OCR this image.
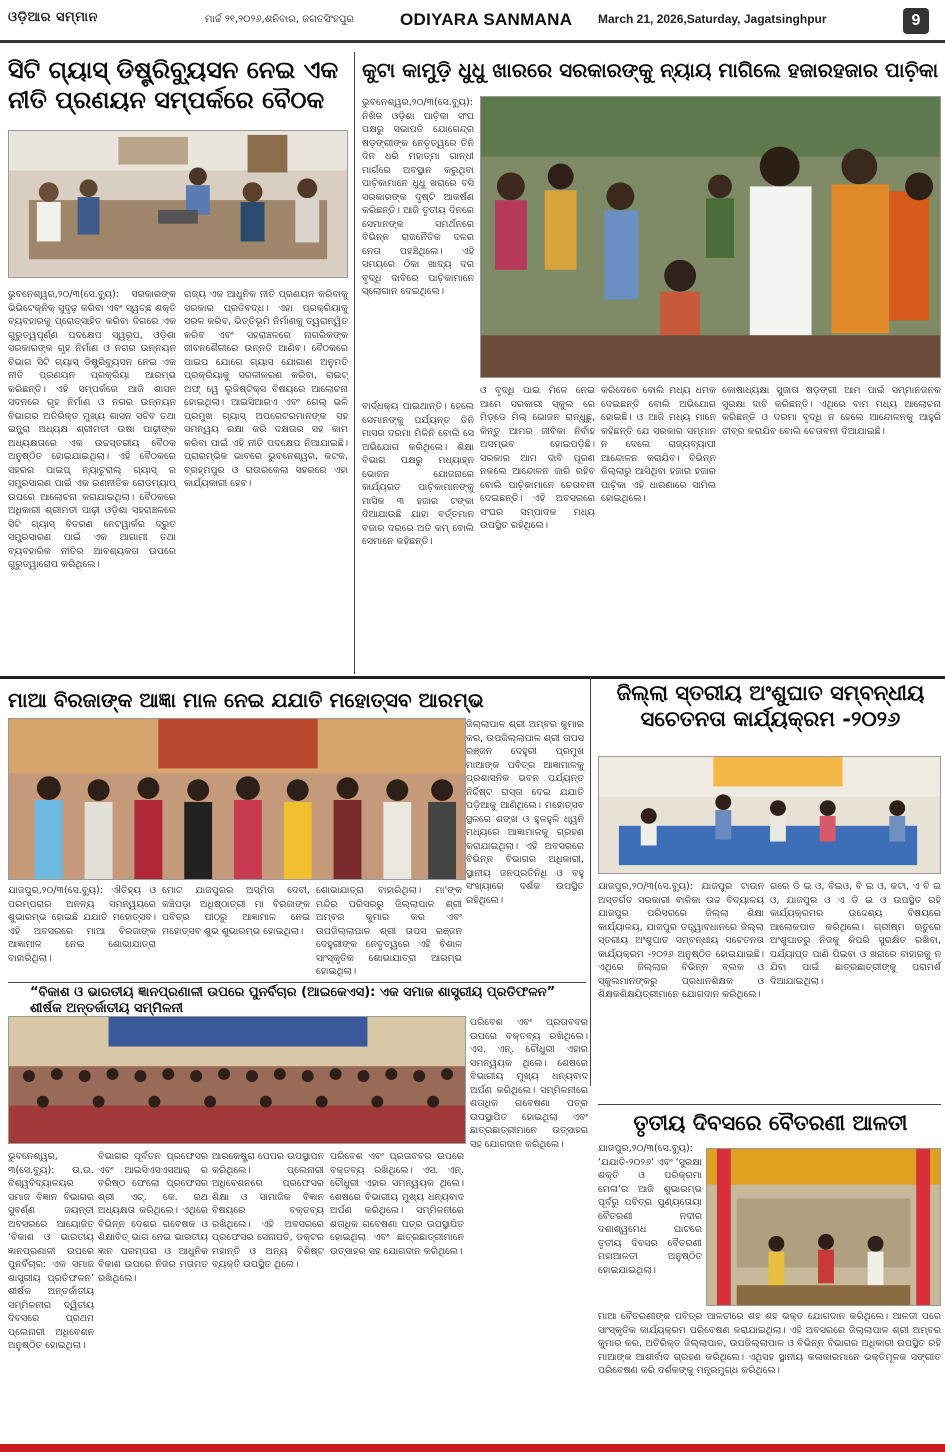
ଓଡ଼ିଆର ସମ୍ମାନ	ମାର୍ଚ୍ଚ ୨୧,୨୦୨୬,ଶନିବାର, ଜଗତସିଂହପୁର	ODIYARA SANMANA March 21, 2026,Saturday, Jagatsinghpur	9
ସିଟି ଗ୍ୟାସ୍ ଡିଷ୍ଟ୍ରିବ୍ୟୁସନ ନେଇ ଏକ ନୀତି ପ୍ରଣୟନ ସମ୍ପର୍କରେ ବୈଠକ
ଭୁବନେଶ୍ୱର,୨୦/୩(ସେ.ବ୍ୟୁ): ସରକାରଙ୍କ ଭିଭିଟେକ୍ନିକ୍ ସୁଦୃଢ଼ କରିବା ଏବଂ ସ୍ୱଚ୍ଛ ଶକ୍ତି ବ୍ୟବହାରକୁ ପ୍ରୋତ୍ସାହିତ କରିବା ଦିଗରେ ଏକ ଗୁରୁତ୍ୱପୂର୍ଣ୍ଣ ପଦକ୍ଷେପ ସ୍ୱରୂପ, ଓଡ଼ିଶା ସରକାରଙ୍କ ଗୃହ ନିର୍ମାଣ ଓ ନଗର ଉନ୍ନୟନ ବିଭାଗ ସିଟି ଗ୍ୟାସ୍ ଡିଷ୍ଟ୍ରିବ୍ୟୁସନ ନେଇ ଏକ ନୀତି ପ୍ରଣୟନ ପ୍ରକ୍ରିୟା ଆରମ୍ଭ କରିଛନ୍ତି। ଏହି ସମ୍ପର୍କରେ ଆଜି ଶାସନ ସଦନରେ ଗୃହ ନିର୍ମାଣ ଓ ନଗର ଉନ୍ନୟନ ବିଭାଗର ଅତିରିକ୍ତ ମୁଖ୍ୟ ଶାସନ ସଚିବ ତଥା ଇନ୍ଫ୍ରା ଅଧ୍ୟକ୍ଷ ଶ୍ରୀମତୀ ଉଷା ପାଢ଼ୀଙ୍କ ଅଧ୍ୟକ୍ଷତାରେ ଏକ ଉଚ୍ଚସ୍ତରୀୟ ବୈଠକ ଅନୁଷ୍ଠିତ ହୋଇଯାଇଥିଲା। ଏହି ବୈଠକରେ ସହରର ପାଇପ୍ ନ୍ୟାଚୁରାଲ୍ ଗ୍ୟାସ୍ ର ସମ୍ପ୍ରସାରଣ ପାଇଁ ଏକ ରଣନୀତିକ ରୋଡମ୍ୟାପ୍ ଉପରେ ଆଲୋଚନା କରାଯାଇଥିଲା। ବୈଠକରେ ଅଧିକାରୀ ଶ୍ରୀମତୀ ପାଢ଼ୀ ଓଡ଼ିଶା ସହରାଞ୍ଚଳରେ ସିଟି ଗ୍ୟାସ୍ ବିତରଣ ନେଟୱାର୍କର ଦ୍ରୁତ ସମ୍ପ୍ରସାରଣ ପାଇଁ ଏକ ଆଗାମୀ ତଥା ବ୍ୟବହାରିକ ନୀତିର ଆବଶ୍ୟକତା ଉପରେ ଗୁରୁତ୍ୱାରୋପ କରିଥିଲେ।
ରାଜ୍ୟ ଏକ ଆଧୁନିକ ନୀତି ପ୍ରଣୟନ କରିବାକୁ ସରକାର ପ୍ରତିବଦ୍ଧ। ଏହା ପ୍ରକ୍ରିୟାକୁ ସରଳ କରିବ, ଭିତ୍ତିଭୂମି ନିର୍ମାଣକୁ ତ୍ୱରାନ୍ୱିତ କରିବ ଏବଂ ସହରାଞ୍ଚଳରେ ନାଗରିକଙ୍କ ଜୀବନଶୈଳୀରେ ଉନ୍ନତି ଆଣିବ। ବୈଠକରେ ପାଇପ ଯୋଗେ ଗ୍ୟାସ ଯୋଗାଣ ଅନୁମତି ପ୍ରକ୍ରିୟାକୁ ସରଳୀକରଣ କରିବା, ରାଇଟ୍ ଅଫ୍ ୱେ ଲୁଜିଷ୍ଟିକ୍ସ ବିଷୟରେ ଆଲୋଚନା ହୋଇଥିଲା। ଆଇସିଆରଏ ଏବଂ ଗେଲ୍ ଭଳି ପ୍ରମୁଖ ଗ୍ୟାସ୍ ଅପରେଟରମାନଙ୍କ ସହ ସମନ୍ୱୟ ରକ୍ଷା କରି ଦକ୍ଷତାର ସହ କାମ କରିବା ପାଇଁ ଏହି ନୀତି ପଦକ୍ଷେପ ନିଆଯାଇଛି। ପ୍ରାରମ୍ଭିକ ଭାବରେ ଭୁବନେଶ୍ୱର, କଟକ, ବ୍ରହ୍ମପୁର ଓ ରାଉରକେଲା ସହରରେ ଏହା କାର୍ଯ୍ୟକାରୀ ହେବ।
କୁଟା କାମୁଡ଼ି ଧୁଧୁ ଖାରରେ ସରକାରଙ୍କୁ ନ୍ୟାୟ ମାଗିଲେ ହଜାରହଜାର ପାଚ଼ିକା
ଭୁବନେଶ୍ୱର,୨୦/୩(ସେ.ବ୍ୟୁ): ନିଖିଳ ଓଡ଼ିଶା ପାଚ଼ିକା ସଂଘ ପକ୍ଷରୁ ସଭାପତି ଯୋଗେନ୍ଦ୍ର ଷଡ଼ଙ୍ଗୀଙ୍କ ନେତୃତ୍ୱରେ ତିନି ଦିନ ଧରି ମହାତ୍ମା ଗାନ୍ଧୀ ମାର୍ଗରେ ଅବସ୍ଥାନ କରୁଥିବା ପାଚ଼ିକାମାନେ ଧୁଧୁ ଖରାରେ ବସି ସରକାରଙ୍କ ଦୃଷ୍ଟି ଆକର୍ଷଣ କରିଛନ୍ତି। ଆଜି ତୃତୀୟ ଦିନରେ ସେମାନଙ୍କ ସମର୍ଥନରେ ବିଭିନ୍ନ ରାଜନୈତିକ ଦଳର ନେତା ପହଞ୍ଚିଥିଲେ। ଏହି ସମୟରେ ଠିକା ଖାଦ୍ୟ ଦର ବୃଦ୍ଧି ଦାବିରେ ପାଚ଼ିକାମାନେ ସ୍ଲୋଗାନ ଦେଇଥିଲେ।
ବାର୍ଦ୍ଧକ୍ୟ ପାଇଥାନ୍ତି। ହେଲେ ସେମାନଙ୍କୁ ପର୍ଯ୍ୟନ୍ତ ତିନି ମାସର ଦରମା ମିଳିନି ବୋଲି ସେ ଅଭିଯୋଗ କରିଥିଲେ। ଶିକ୍ଷା ବିଭାଗ ପକ୍ଷରୁ ମଧ୍ୟାହ୍ନ ଭୋଜନ ଯୋଜନାରେ କାର୍ଯ୍ୟରତ ପାଚ଼ିକାମାନଙ୍କୁ ମାସିକ ୩ ହଜାର ଟଙ୍କା ଦିଆଯାଉଛି ଯାହା ବର୍ତ୍ତମାନ ବଜାର ଦରରେ ଅତି କମ୍ ବୋଲି ସେମାନେ କହିଛନ୍ତି।
ଓ ବୃଦ୍ଧି ପାଇ ମିଳେ ନେଇ ଆମେ ସରକାରୀ ସ୍କୁଲ ରେ ମିଡ଼୍ଡେ ମିଲ୍ ଭୋଜନ ରାନ୍ଧୁଛୁ, କିନ୍ତୁ ଆମର ଜୀବିକା ନିର୍ବାହ ଅସମ୍ଭବ ହୋଇପଡ଼ିଛି। ସରକାର ଆମ ଦାବି ପୂରଣ ନକଲେ ଆନ୍ଦୋଳନ ଜାରି ରହିବ ବୋଲି ପାଚ଼ିକାମାନେ ଚେତାବନୀ ଦେଇଛନ୍ତି। ଏହି ଅବସରରେ ସଂଘର ସମ୍ପାଦକ ମଧ୍ୟ ଉପସ୍ଥିତ ରହିଥିଲେ।
କରିଦେବେ ବୋଲି ମଧ୍ୟ ଧମକ ଦେଇଛନ୍ତି ବୋଲି ଅଭିଯୋଗ ହୋଇଛି। ଓ ଆଜି ମଧ୍ୟ ମାନେ କହିଛନ୍ତି ଯେ ସରକାର ସମ୍ମାନ ନ ଦେଲେ ରାଜ୍ୟବ୍ୟାପୀ ଆନ୍ଦୋଳନ କରାଯିବ। ବିଭିନ୍ନ ଜିଲ୍ଲାରୁ ଆସିଥିବା ହଜାର ହଜାର ପାଚ଼ିକା ଏହି ଧାରଣାରେ ସାମିଲ ହୋଇଥିଲେ।
କୋଷାଧ୍ୟକ୍ଷା ସୁଜାତା ଷଡ଼ଙ୍ଗୀ ଆମ ପାଇଁ ସମ୍ମାନଜନକ ସୁରକ୍ଷା ଦାବି କରିଛନ୍ତି। ଏଥିରେ ବାମ ମଧ୍ୟ ଆଲୋଚନା କରିଛନ୍ତି ଓ ଦରମା ବୃଦ୍ଧି ନ ହେଲେ ଆନ୍ଦୋଳନକୁ ଆହୁରି ତୀବ୍ର କରାଯିବ ବୋଲି ଚେତାବନୀ ଦିଆଯାଇଛି।
ମାଆ ବିରଜାଙ୍କ ଆଜ୍ଞା ମାଳ ନେଇ ଯଯାତି ମହୋତ୍ସବ ଆରମ୍ଭ
ଜିଲ୍ଲାପାଳ ଶ୍ରୀ ଅମ୍ବର କୁମାର କର, ଉପଜିଲ୍ଲାପାଳ ଶ୍ରୀ ତାପସ ରଞ୍ଜନ ଦେହୁରୀ ପ୍ରମୁଖ ମାଆଙ୍କ ପବିତ୍ର ଆଜ୍ଞାମାଳକୁ ପ୍ରଶାସନିକ ଭବନ ପର୍ଯ୍ୟନ୍ତ ନିର୍ଦ୍ଦିଷ୍ଟ ରାସ୍ତା ଦେଇ ଯଯାତି ପଡ଼ିଆକୁ ଆଣିଥିଲେ। ମହୋତ୍ସବ ସ୍ଥଳରେ ଶଙ୍ଖ ଓ ହୁଳହୁଳି ଧ୍ୱନି ମଧ୍ୟରେ ଆଜ୍ଞାମାଳକୁ ଗ୍ରହଣ କରାଯାଇଥିଲା। ଏହି ଅବସରରେ ବିଭିନ୍ନ ବିଭାଗର ଅଧିକାରୀ, ସ୍ଥାନୀୟ ଜନପ୍ରତିନିଧି ଓ ବହୁ ସଂଖ୍ୟାରେ ଦର୍ଶକ ଉପସ୍ଥିତ ରହିଥିଲେ।
ଯାଜପୁର,୨୦/୩(ସେ.ବ୍ୟୁ): ଐତିହ୍ୟ ଓ ପରମ୍ପରାର ଅନନ୍ୟ ସମନ୍ୱୟରେ ଶୁଭାରମ୍ଭ ହୋଇଛି ଯଯାତି ମହୋତ୍ସବ। ଏହି ଅବସରରେ ମାଆ ବିରଜାଙ୍କ ଆଜ୍ଞାମାଳ ନେଇ ଶୋଭାଯାତ୍ରା ବାହାରିଥିଲା।
ମୋଟ ଯାଜପୁରର ଅସ୍ମିତା ଦେବୀ, କଞ୍ଚିପଡ଼ା ଅଧିଷ୍ଠାତ୍ରୀ ମା ବିରଜାଙ୍କ ପବିତ୍ର ପୀଠରୁ ଆଜ୍ଞାମାଳ ନେଇ ମହୋତ୍ସବ ଶୁଭ ଶୁଭାରମ୍ଭ ହୋଇଥିଲା।
ଶୋଭାଯାତ୍ରା ବାହାରିଥିଲା। ମା'ଙ୍କ ମନ୍ଦିର ପରିସରରୁ ଜିଲ୍ଲାପାଳ ଶ୍ରୀ ଅମ୍ବର କୁମାର କର ଏବଂ ଉପଜିଲ୍ଲାପାଳ ଶ୍ରୀ ତାପସ ରଞ୍ଜନ ଦେହୁରୀଙ୍କ ନେତୃତ୍ୱରେ ଏହି ବିଶାଳ ସାଂସ୍କୃତିକ ଶୋଭାଯାତ୍ରା ଆରମ୍ଭ ହୋଇଥିଲା।
ଜିଲ୍ଲା ସ୍ତରୀୟ ଅଂଶୁଘାତ ସମ୍ବନ୍ଧୀୟ ସଚେତନତା କାର୍ଯ୍ୟକ୍ରମ -୨୦୨୬
ଯାଜପୁର,୨୦/୩(ସେ.ବ୍ୟୁ): ଯାଜପୁର ଟାଉନ ଅସ୍ତର୍ଗତ ସରକାରୀ ବାଳିକା ଉଚ୍ଚ ବିଦ୍ୟାଳୟ ଯାଜପୁର ପରିସରରେ ଜିଲ୍ଲା ଶିକ୍ଷା କାର୍ଯ୍ୟାଳୟ, ଯାଜପୁର ତତ୍ତ୍ୱାବଧାନରେ ଜିଲ୍ଲା ସ୍ତରୀୟ ଅଂଶୁଘାତ ସମ୍ବନ୍ଧୀୟ ସଚେତନତା କାର୍ଯ୍ୟକ୍ରମ -୨୦୨୬ ଅନୁଷ୍ଠିତ ହୋଇଯାଇଛି। ଏଥିରେ ଜିଲ୍ଲାର ବିଭିନ୍ନ ବ୍ଲକ ଓ ସ୍କୁଲମାନଙ୍କରୁ ପ୍ରଧାନଶିକ୍ଷକ ଓ ଶିକ୍ଷକଶିକ୍ଷୟିତ୍ରୀମାନେ ଯୋଗଦାନ କରିଥିଲେ।
ଗରେ ଡି ଇ ଓ, ବିଇଓ, ବି ଇ ଓ, କଟା, ଏ ବି ଇ ଓ, ଯାଜପୁର ଓ ଏ ଡି ଇ ଓ ଉପସ୍ଥିତ ରହି କାର୍ଯ୍ୟକ୍ରମର ଉଦ୍ଦେଶ୍ୟ ବିଷୟରେ ଆଲୋକପାତ କରିଥିଲେ। ଗ୍ରୀଷ୍ମ ଋତୁରେ ଅଂଶୁଘାତରୁ ନିଜକୁ କିପରି ସୁରକ୍ଷିତ ରଖିବା, ପର୍ଯ୍ୟାପ୍ତ ପାଣି ପିଇବା ଓ ଖରାରେ ବାହାରକୁ ନ ଯିବା ପାଇଁ ଛାତ୍ରଛାତ୍ରୀଙ୍କୁ ପରାମର୍ଶ ଦିଆଯାଇଥିଲା।
“ବିକାଶ ଓ ଭାରତୀୟ ଜ୍ଞାନପ୍ରଣାଳୀ ଉପରେ ପୁନର୍ବିଚାର (ଆଇକେଏସ): ଏକ ସମାଜ ଶାସ୍ତ୍ରୀୟ ପ୍ରତିଫଳନ” ଶୀର୍ଷକ ଅନ୍ତର୍ଜାତୀୟ ସମ୍ମିଳନୀ
ଭୁବନେଶ୍ୱର, ୩(ସେ.ବ୍ୟୁ): ଉ.ଉ. ବିଶ୍ୱବିଦ୍ୟାଳୟର ସମାଜ ବିଜ୍ଞାନ ବିଭାଗର ସୁବର୍ଣ୍ଣ ଜୟନ୍ତୀ ଅବସରରେ ଆୟୋଜିତ ‘ବିକାଶ ଓ ଭାରତୀୟ ଜ୍ଞାନପ୍ରଣାଳୀ ଉପରେ ପୁନର୍ବିଚାର: ଏକ ସମାଜ ଶାସ୍ତ୍ରୀୟ ପ୍ରତିଫଳନ’ ଶୀର୍ଷକ ଅନ୍ତର୍ଜାତୀୟ ସମ୍ମିଳନୀର ଦ୍ୱିତୀୟ ଦିବସରେ ପ୍ରଥମ ପ୍ଲେନାରୀ ଅଧିବେଶନ ଅନୁଷ୍ଠିତ ହୋଇଥିଲା।
ବିଭାଗର ପୂର୍ବତନ ପ୍ରଫେସର ଏବଂ ଆଇସିଏସଏସଆର୍ ର ବରିଷ୍ଠ ଫେଲୋ ପ୍ରଫେସର ଶ୍ରୀ ଏଚ୍. କେ. ରଥ ଅଧ୍ୟକ୍ଷତା କରିଥିଲେ। ଏଥିରେ ବିଭିନ୍ନ ଦେଶର ଗବେଷକ ଓ ଶିକ୍ଷାବିତ୍ ଭାଗ ନେଇ ଭାରତୀୟ ଜ୍ଞାନ ପରମ୍ପରା ଓ ଆଧୁନିକ ବିକାଶ ଉପରେ ନିଜର ମତାମତ ରଖିଥିଲେ।
ଆରକେଷ୍ଟ୍ରା ପେପର ଉପସ୍ଥାପନ କରିଥିଲେ। ପ୍ଲେନାରୀ ଅଧିବେଶନରେ ପ୍ରଫେସର ଶିକ୍ଷା ଓ ସାମାଜିକ ବିଜ୍ଞାନ ବିଷୟରେ ବକ୍ତବ୍ୟ ରଖିଥିଲେ। ଏହି ଅବସରରେ ପ୍ରଫେସର ସେନାପତି, ଡକ୍ଟର ମହାନ୍ତି ଓ ଅନ୍ୟ ବିଶିଷ୍ଟ ବ୍ୟକ୍ତି ଉପସ୍ଥିତ ଥିଲେ।
ପରିବେଶ ଏବଂ ପ୍ରତାବବର ଉପରେ ବକ୍ତବ୍ୟ ରଖିଥିଲେ। ଏସ. ଏନ୍. ଚୌଧୁରୀ ଏହାର ସମନ୍ୱୟକ ଥିଲେ। ଶେଷରେ ବିଭାଗୀୟ ମୁଖ୍ୟ ଧନ୍ୟବାଦ ଅର୍ପଣ କରିଥିଲେ। ସମ୍ମିଳନୀରେ ଶତାଧିକ ଗବେଷଣା ପତ୍ର ଉପସ୍ଥାପିତ ହୋଇଥିଲା ଏବଂ ଛାତ୍ରଛାତ୍ରୀମାନେ ଉତ୍ସାହର ସହ ଯୋଗଦାନ କରିଥିଲେ।
ପରିବେଶ ଏବଂ ପ୍ରତାବବର ଉପରେ ବକ୍ତବ୍ୟ ରଖିଥିଲେ। ଏସ. ଏନ୍. ଚୌଧୁରୀ ଏହାର ସମନ୍ୱୟକ ଥିଲେ। ଶେଷରେ ବିଭାଗୀୟ ମୁଖ୍ୟ ଧନ୍ୟବାଦ ଅର୍ପଣ କରିଥିଲେ। ସମ୍ମିଳନୀରେ ଶତାଧିକ ଗବେଷଣା ପତ୍ର ଉପସ୍ଥାପିତ ହୋଇଥିଲା ଏବଂ ଛାତ୍ରଛାତ୍ରୀମାନେ ଉତ୍ସାହର ସହ ଯୋଗଦାନ କରିଥିଲେ।
ତୃତୀୟ ଦିବସରେ ବୈତରଣୀ ଆଳତୀ
ଯାଜପୁର,୨୦/୩(ସେ.ବ୍ୟୁ): ‘ଯଯାତି-୨୦୨୬’ ଏବଂ ‘ସୁରକ୍ଷା ଶକ୍ତି ଓ ପରିକ୍ରମା ମେଳା’ର ଆଜି ଶୁଭାରମ୍ଭ ପୂର୍ବରୁ ପବିତ୍ର ପୁଣ୍ୟତୋୟା ବୈତରଣୀ ନଦୀର ଦଶାଶ୍ୱମେଧ ଘାଟରେ ତୃତୀୟ ଦିବସର ବୈତରଣୀ ମହାଆଳତୀ ଅନୁଷ୍ଠିତ ହୋଇଯାଇଥିଲା।
ମାଆ ବୈତରଣୀଙ୍କ ପବିତ୍ର ଆଳତୀରେ ଶହ ଶହ ଭକ୍ତ ଯୋଗଦାନ କରିଥିଲେ। ଆଳତୀ ପରେ ସାଂସ୍କୃତିକ କାର୍ଯ୍ୟକ୍ରମ ପରିବେଷଣ କରାଯାଇଥିଲା। ଏହି ଅବସରରେ ଜିଲ୍ଲାପାଳ ଶ୍ରୀ ଅମ୍ବର କୁମାର କର, ଅତିରିକ୍ତ ଜିଲ୍ଲାପାଳ, ଉପଜିଲ୍ଲାପାଳ ଓ ବିଭିନ୍ନ ବିଭାଗର ଅଧିକାରୀ ଉପସ୍ଥିତ ରହି ମାଆଙ୍କ ଆଶୀର୍ବାଦ ଗ୍ରହଣ କରିଥିଲେ। ଏଥିସହ ସ୍ଥାନୀୟ କଳାକାରମାନେ ଭକ୍ତିମୂଳକ ସଙ୍ଗୀତ ପରିବେଷଣ କରି ଦର୍ଶକଙ୍କୁ ମନ୍ତ୍ରମୁଗ୍ଧ କରିଥିଲେ।
